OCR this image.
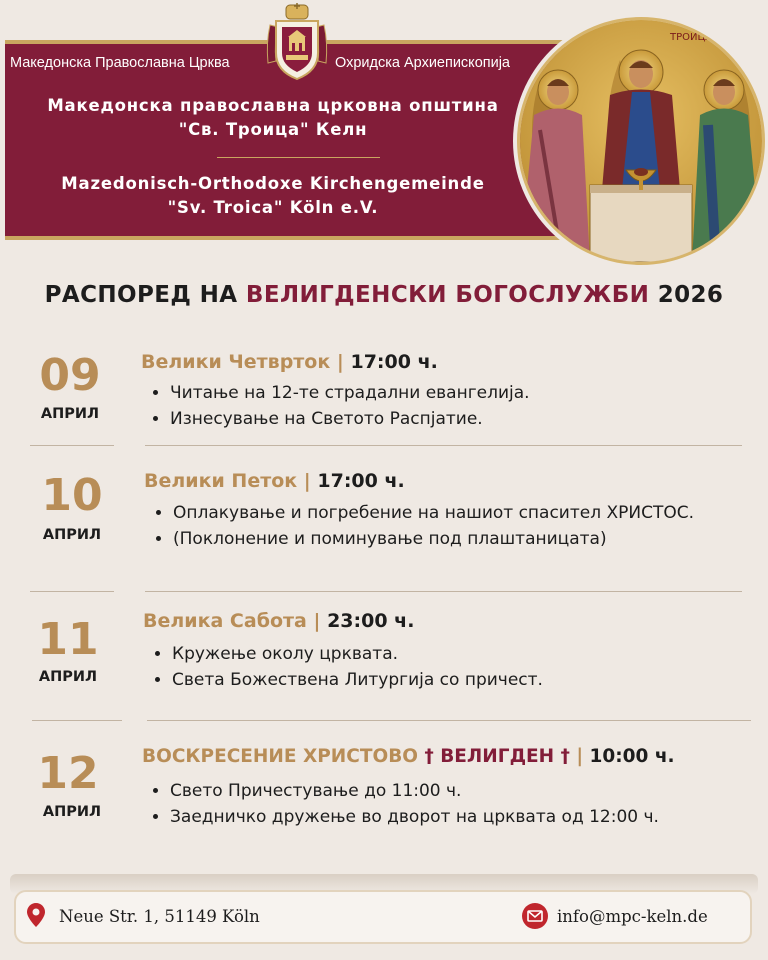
Македонска Православна Црква	Охридска Архиепископија
Македонска православна црковна општина
"Св. Троица" Келн
Mazedonisch-Orthodoxe Kirchengemeinde
"Sv. Troica" Köln e.V.
ТРОИЦА
РАСПОРЕД НА ВЕЛИГДЕНСКИ БОГОСЛУЖБИ 2026
09
АПРИЛ
Велики Четврток | 17:00 ч.
• Читање на 12-те страдални евангелија.
• Изнесување на Светото Распјатие.
10
АПРИЛ
Велики Петок | 17:00 ч.
• Оплакување и погребение на нашиот спасител ХРИСТОС.
• (Поклонение и поминување под плаштаницата)
11
АПРИЛ
Велика Сабота | 23:00 ч.
• Кружење околу црквата.
• Света Божествена Литургија со причест.
12
АПРИЛ
ВОСКРЕСЕНИЕ ХРИСТОВО † ВЕЛИГДЕН † | 10:00 ч.
• Свето Причестување до 11:00 ч.
• Заедничко дружење во дворот на црквата од 12:00 ч.
Neue Str. 1, 51149 Köln	info@mpc-keln.de
